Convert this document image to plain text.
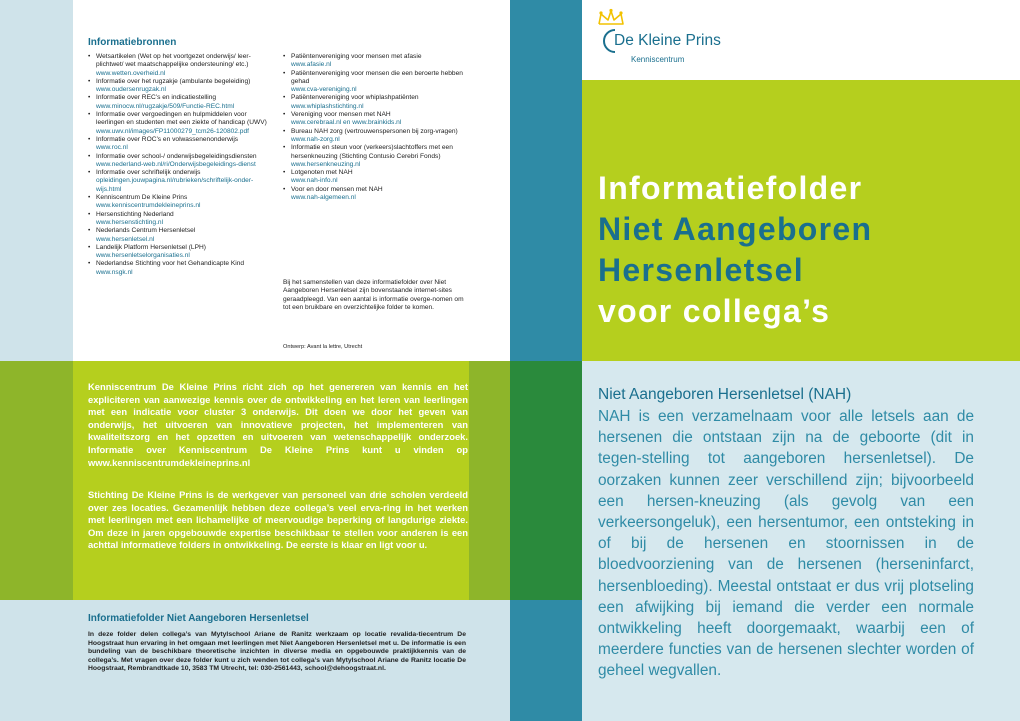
Informatiebronnen
• Wetsartikelen (Wet op het voortgezet onderwijs/ leer-plichtwet/ wet maatschappelijke ondersteuning/ etc.)
www.wetten.overheid.nl
• Informatie over het rugzakje (ambulante begeleiding)
www.oudersenrugzak.nl
• Informatie over REC’s en indicatiestelling
www.minocw.nl/rugzakje/509/Functie-REC.html
• Informatie over vergoedingen en hulpmiddelen voor leerlingen en studenten met een ziekte of handicap (UWV)
www.uwv.nl/images/FP11000279_tcm26-120802.pdf
• Informatie over ROC’s en volwassenenonderwijs
www.roc.nl
• Informatie over school-/ onderwijsbegeleidingsdiensten
www.nederland-web.nl/ri/Onderwijsbegeleidings-dienst
• Informatie over schriftelijk onderwijs
opleidingen.jouwpagina.nl/rubrieken/schriftelijk-onder-wijs.html
• Kenniscentrum De Kleine Prins
www.kenniscentrumdekleineprins.nl
• Hersenstichting Nederland
www.hersenstichting.nl
• Nederlands Centrum Hersenletsel
www.hersenletsel.nl
• Landelijk Platform Hersenletsel (LPH)
www.hersenletselorganisaties.nl
• Nederlandse Stichting voor het Gehandicapte Kind
www.nsgk.nl
• Patiëntenvereniging voor mensen met afasie
www.afasie.nl
• Patiëntenvereniging voor mensen die een beroerte hebben gehad
www.cva-vereniging.nl
• Patiëntenvereniging voor whiplashpatiënten
www.whiplashstichting.nl
• Vereniging voor mensen met NAH
www.cerebraal.nl en www.brainkids.nl
• Bureau NAH zorg (vertrouwenspersonen bij zorg-vragen)
www.nah-zorg.nl
• Informatie en steun voor (verkeers)slachtoffers met een hersenkneuzing (Stichting Contusio Cerebri Fonds)
www.hersenkneuzing.nl
• Lotgenoten met NAH
www.nah-info.nl
• Voor en door mensen met NAH
www.nah-algemeen.nl
Bij het samenstellen van deze informatiefolder over Niet Aangeboren Hersenletsel zijn bovenstaande internet-sites geraadpleegd. Van een aantal is informatie overge-nomen om tot een bruikbare en overzichtelijke folder te komen.
Ontwerp: Avant la lettre, Utrecht
Kenniscentrum De Kleine Prins richt zich op het genereren van kennis en het expliciteren van aanwezige kennis over de ontwikkeling en het leren van leerlingen met een indicatie voor cluster 3 onderwijs. Dit doen we door het geven van onderwijs, het uitvoeren van innovatieve projecten, het implementeren van kwaliteitszorg en het opzetten en uitvoeren van wetenschappelijk onderzoek. Informatie over Kenniscentrum De Kleine Prins kunt u vinden op www.kenniscentrumdekleineprins.nl
Stichting De Kleine Prins is de werkgever van personeel van drie scholen verdeeld over zes locaties. Gezamenlijk hebben deze collega’s veel erva-ring in het werken met leerlingen met een lichamelijke of meervoudige beperking of langdurige ziekte. Om deze in jaren opgebouwde expertise beschikbaar te stellen voor anderen is een achttal informatieve folders in ontwikkeling. De eerste is klaar en ligt voor u.
Informatiefolder Niet Aangeboren Hersenletsel
In deze folder delen collega’s van Mytylschool Ariane de Ranitz werkzaam op locatie revalida-tiecentrum De Hoogstraat hun ervaring in het omgaan met leerlingen met Niet Aangeboren Hersenletsel met u. De informatie is een bundeling van de beschikbare theoretische inzichten in diverse media en opgebouwde praktijkkennis van de collega’s. Met vragen over deze folder kunt u zich wenden tot collega’s van Mytylschool Ariane de Ranitz locatie De Hoogstraat, Rembrandtkade 10, 3583 TM Utrecht, tel: 030-2561443, school@dehoogstraat.nl.
De Kleine Prins
Kenniscentrum
Informatiefolder
Niet Aangeboren
Hersenletsel
voor collega’s
Niet Aangeboren Hersenletsel (NAH)
NAH is een verzamelnaam voor alle letsels aan de hersenen die ontstaan zijn na de geboorte (dit in tegen-stelling tot aangeboren hersenletsel). De oorzaken kunnen zeer verschillend zijn; bijvoorbeeld een hersen-kneuzing (als gevolg van een verkeersongeluk), een hersentumor, een ontsteking in of bij de hersenen en stoornissen in de bloedvoorziening van de hersenen (herseninfarct, hersenbloeding). Meestal ontstaat er dus vrij plotseling een afwijking bij iemand die verder een normale ontwikkeling heeft doorgemaakt, waarbij een of meerdere functies van de hersenen slechter worden of geheel wegvallen.
